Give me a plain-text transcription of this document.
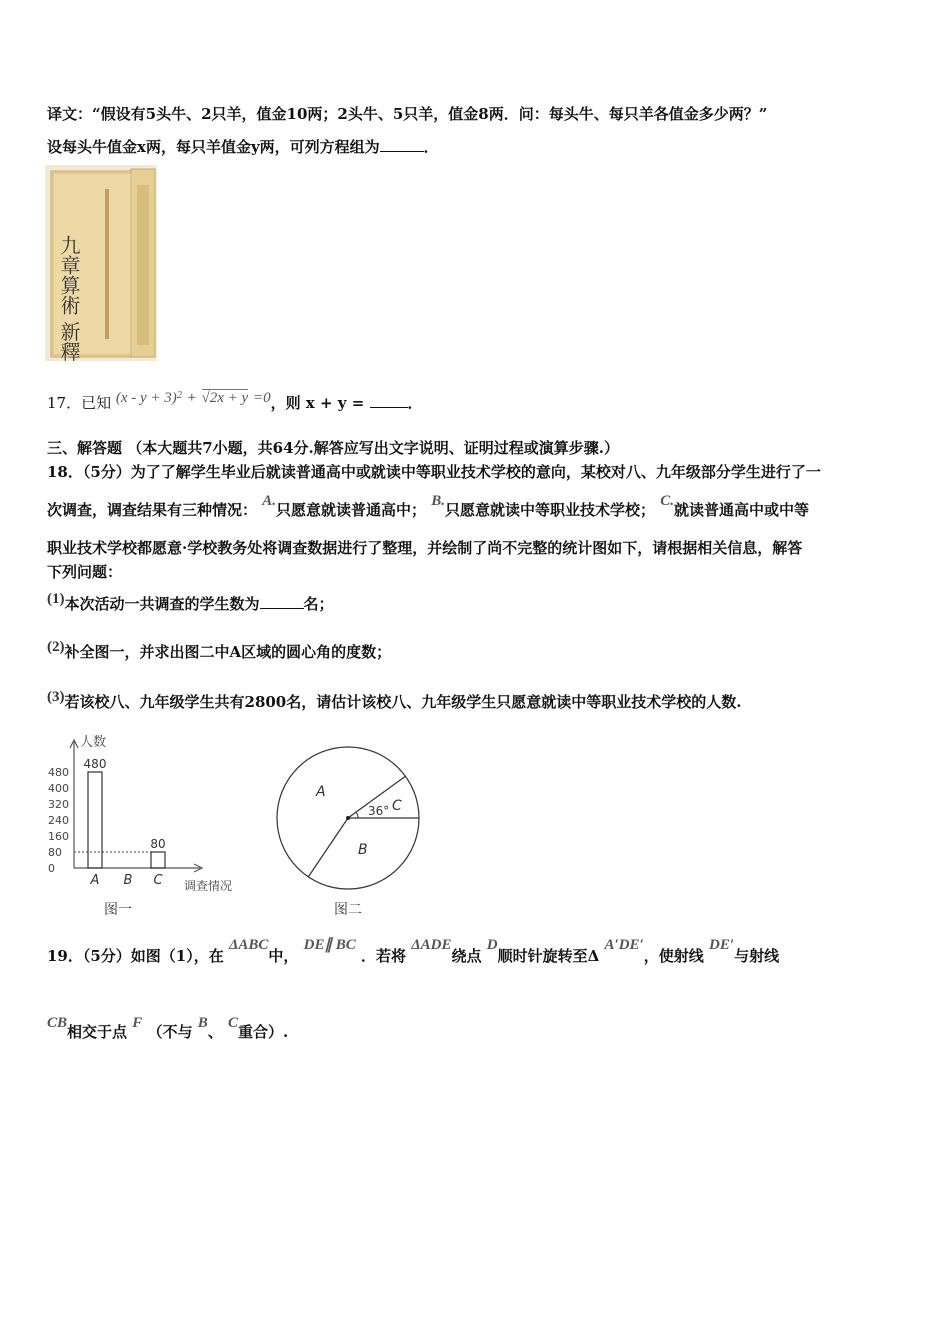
译文：“假设有5头牛、2只羊，值金10两；2头牛、5只羊，值金8两．问：每头牛、每只羊各值金多少两？”
设每头牛值金x两，每只羊值金y两，可列方程组为	．
九章算術 新釋
17．已知 $(x - y + 3)^2 + √2x + y =0$，则 x + y =	．
三、解答题 （本大题共7小题，共64分.解答应写出文字说明、证明过程或演算步骤.）
18．（5分）为了了解学生毕业后就读普通高中或就读中等职业技术学校的意向，某校对八、九年级部分学生进行了一
次调查，调查结果有三种情况： A.只愿意就读普通高中； B.只愿意就读中等职业技术学校； C.就读普通高中或中等
职业技术学校都愿意·学校教务处将调查数据进行了整理，并绘制了尚不完整的统计图如下，请根据相关信息，解答
下列问题：
(1)本次活动一共调查的学生数为	名；
(2)补全图一，并求出图二中A区域的圆心角的度数；
(3)若该校八、九年级学生共有2800名，请估计该校八、九年级学生只愿意就读中等职业技术学校的人数.
人数
调查情况
0
80
160
240
320
400
480
A
480
B C
80
图一
36°
A
B
C
图二
19．（5分）如图（1），在 ΔABC中， DE∥ BC ．若将 ΔADE绕点 D顺时针旋转至Δ A′DE′，使射线 DE′与射线
CB相交于点 F （不与 B、 C重合）.
